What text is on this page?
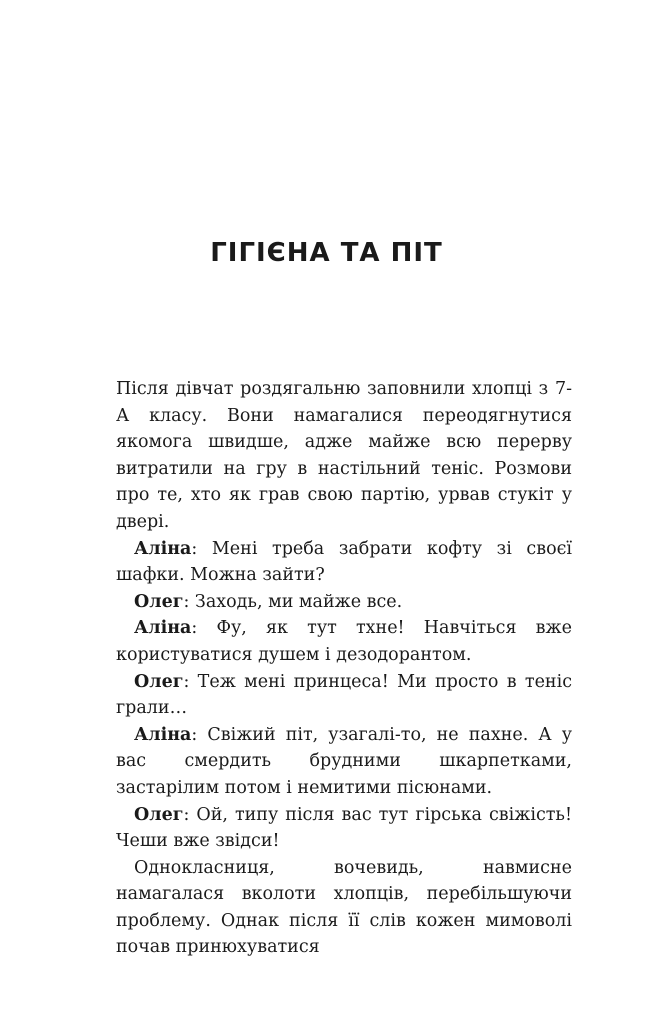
ГІГІЄНА ТА ПІТ

Після дівчат роздягальню заповнили хлопці з 7-А класу. Вони намагалися переодягнутися якомога швидше, адже майже всю перерву витратили на гру в настільний теніс. Розмови про те, хто як грав свою партію, урвав стукіт у двері.

Аліна: Мені треба забрати кофту зі своєї шафки. Можна зайти?

Олег: Заходь, ми майже все.

Аліна: Фу, як тут тхне! Навчіться вже користуватися душем і дезодорантом.

Олег: Теж мені принцеса! Ми просто в теніс грали…

Аліна: Свіжий піт, узагалі-то, не пахне. А у вас смердить брудними шкарпетками, застарілим потом і немитими пісюнами.

Олег: Ой, типу після вас тут гірська свіжість! Чеши вже звідси!

Однокласниця, вочевидь, навмисне намагалася вколоти хлопців, перебільшуючи проблему. Однак після її слів кожен мимоволі почав принюхуватися
